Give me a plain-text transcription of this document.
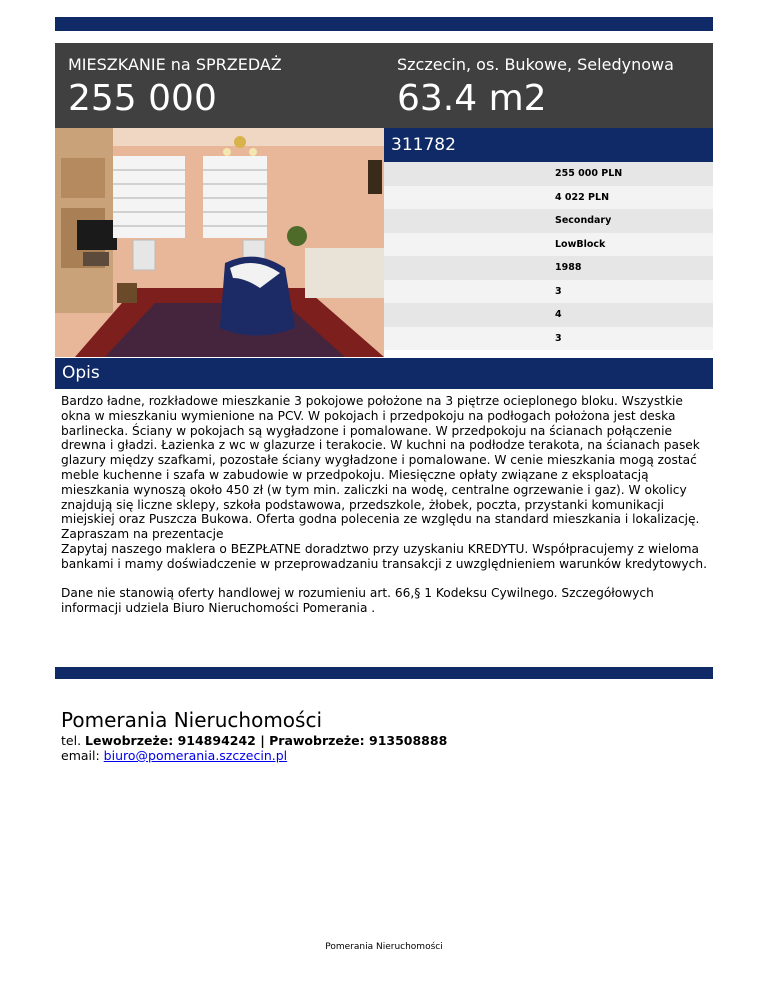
MIESZKANIE na SPRZEDAŻ
255 000
Szczecin, os. Bukowe, Seledynowa
63.4 m2
311782
255 000 PLN
4 022 PLN
Secondary
LowBlock
1988
3
4
3
Opis

Bardzo ładne, rozkładowe mieszkanie 3 pokojowe położone na 3 piętrze ocieplonego bloku. Wszystkie okna w mieszkaniu wymienione na PCV. W pokojach i przedpokoju na podłogach położona jest deska barlinecka. Ściany w pokojach są wygładzone i pomalowane. W przedpokoju na ścianach połączenie drewna i gładzi. Łazienka z wc w glazurze i terakocie. W kuchni na podłodze terakota, na ścianach pasek glazury między szafkami, pozostałe ściany wygładzone i pomalowane. W cenie mieszkania mogą zostać meble kuchenne i szafa w zabudowie w przedpokoju. Miesięczne opłaty związane z eksploatacją mieszkania wynoszą około 450 zł (w tym min. zaliczki na wodę, centralne ogrzewanie i gaz). W okolicy znajdują się liczne sklepy, szkoła podstawowa, przedszkole, żłobek, poczta, przystanki komunikacji miejskiej oraz Puszcza Bukowa. Oferta godna polecenia ze względu na standard mieszkania i lokalizację.

Zapraszam na prezentacje

Zapytaj naszego maklera o BEZPŁATNE doradztwo przy uzyskaniu KREDYTU. Współpracujemy z wieloma bankami i mamy doświadczenie w przeprowadzaniu transakcji z uwzględnieniem warunków kredytowych.

Dane nie stanowią oferty handlowej w rozumieniu art. 66,§ 1 Kodeksu Cywilnego. Szczegółowych informacji udziela Biuro Nieruchomości Pomerania .

Pomerania Nieruchomości
tel. Lewobrzeże: 914894242 | Prawobrzeże: 913508888
email: biuro@pomerania.szczecin.pl
Pomerania Nieruchomości
